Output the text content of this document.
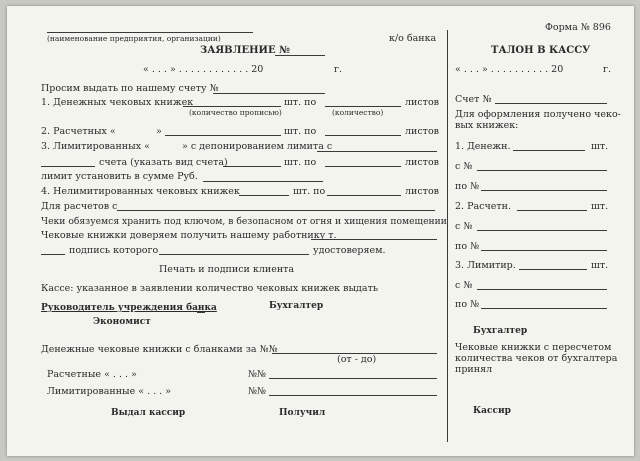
(наименование предприятия, организации)	к/о банка
ЗАЯВЛЕНИЕ №
« . . . » . . . . . . . . . . . . 20	г.
Просим выдать по нашему счету №
1. Денежных чековых книжек	шт. по	листов
(количество прописью)	(количество)
2. Расчетных «	»	шт. по	листов
3. Лимитированных «	» с депонированием лимита с
счета (указать вид счета)	шт. по	листов
лимит установить в сумме Руб.
4. Нелимитированных чековых книжек	шт. по	листов
Для расчетов с
Чеки обязуемся хранить под ключом, в безопасном от огня и хищения помещении
Чековые книжки доверяем получить нашему работнику т.
подпись которого	удостоверяем.
Печать и подписи клиента
Кассе: указанное в заявлении количество чековых книжек выдать
Руководитель учреждения банка	Бухгалтер
Экономист
Денежные чековые книжки с бланками за №№
(от - до)
Расчетные « . . . »	№№
Лимитированные « . . . »	№№
Выдал кассир	Получил
Форма № 896
ТАЛОН В КАССУ
« . . . » . . . . . . . . . . 20	г.
Счет №
Для оформления получено чеко-
вых книжек:
1. Денежн.	шт.
с №
по №
2. Расчетн.	шт.
с №
по №
3. Лимитир.	шт.
с №
по №
Бухгалтер
Чековые книжки с пересчетом
количества чеков от бухгалтера
принял
Кассир
